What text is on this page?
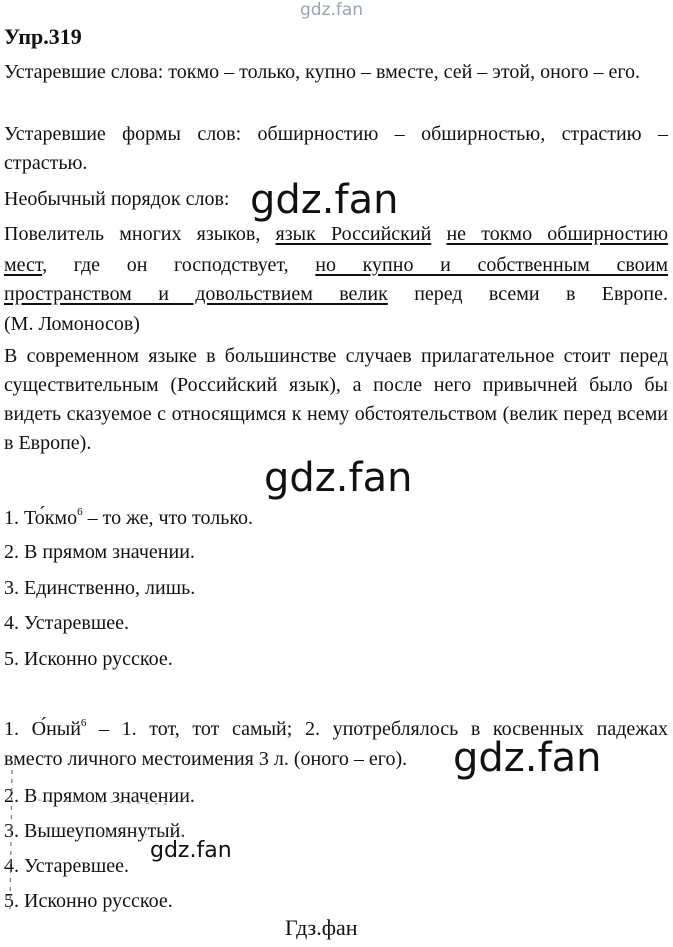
gdz.fan
Упр.319
Устаревшие слова: токмо – только, купно – вместе, сей – этой, оного – его.
Устаревшие формы слов: обширностию – обширностью, страстию – страстью.
Необычный порядок слов:
Повелитель многих языков, язык Российский не токмо обширностию
мест, где он господствует, но купно и собственным своим
пространством и довольствием велик перед всеми в Европе.
(М. Ломоносов)
В современном языке в большинстве случаев прилагательное стоит перед существительным (Российский язык), а после него привычней было бы видеть сказуемое с относящимся к нему обстоятельством (велик перед всеми в Европе).
gdz.fan
gdz.fan
1. То́кмо$^6$ – то же, что только.
2. В прямом значении.
3. Единственно, лишь.
4. Устаревшее.
5. Исконно русское.
1. О́ный$^6$ – 1. тот, тот самый; 2. употреблялось в косвенных падежах
вместо личного местоимения 3 л. (оного – его). gdz.fan
2. В прямом значении.
3. Вышеупомянутый.
4. Устаревшее.
5. Исконно русское.
gdz.fan
Гдз.фан
